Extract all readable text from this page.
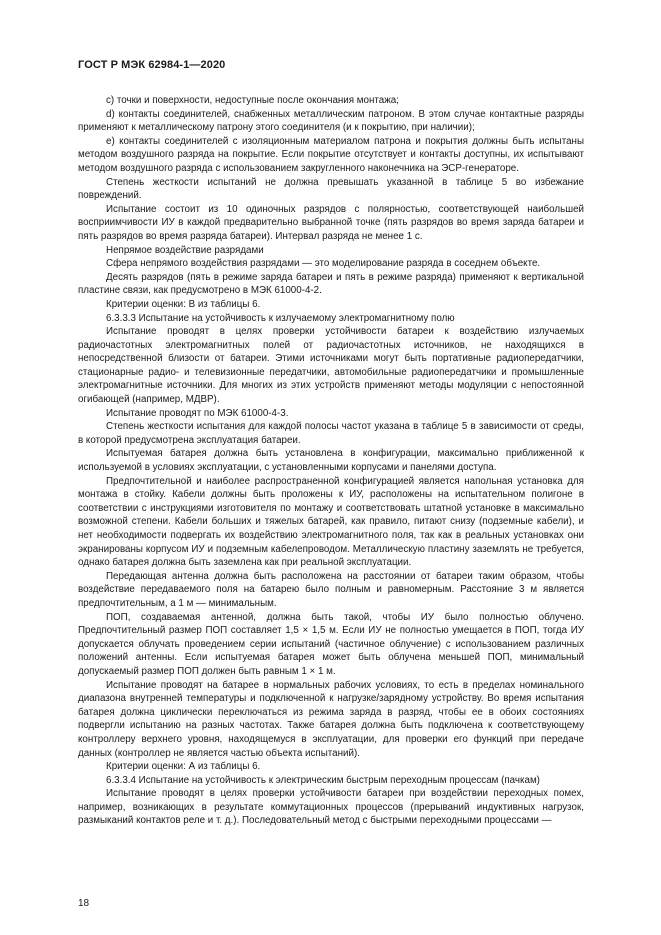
ГОСТ Р МЭК 62984-1—2020

c) точки и поверхности, недоступные после окончания монтажа;

d) контакты соединителей, снабженных металлическим патроном. В этом случае контактные разряды применяют к металлическому патрону этого соединителя (и к покрытию, при наличии);

e) контакты соединителей с изоляционным материалом патрона и покрытия должны быть испытаны методом воздушного разряда на покрытие. Если покрытие отсутствует и контакты доступны, их испытывают методом воздушного разряда с использованием закругленного наконечника на ЭСР-генераторе.

Степень жесткости испытаний не должна превышать указанной в таблице 5 во избежание повреждений.

Испытание состоит из 10 одиночных разрядов с полярностью, соответствующей наибольшей восприимчивости ИУ в каждой предварительно выбранной точке (пять разрядов во время заряда батареи и пять разрядов во время разряда батареи). Интервал разряда не менее 1 с.

Непрямое воздействие разрядами

Сфера непрямого воздействия разрядами — это моделирование разряда в соседнем объекте.

Десять разрядов (пять в режиме заряда батареи и пять в режиме разряда) применяют к вертикальной пластине связи, как предусмотрено в МЭК 61000-4-2.

Критерии оценки: В из таблицы 6.

6.3.3.3 Испытание на устойчивость к излучаемому электромагнитному полю

Испытание проводят в целях проверки устойчивости батареи к воздействию излучаемых радиочастотных электромагнитных полей от радиочастотных источников, не находящихся в непосредственной близости от батареи. Этими источниками могут быть портативные радиопередатчики, стационарные радио- и телевизионные передатчики, автомобильные радиопередатчики и промышленные электромагнитные источники. Для многих из этих устройств применяют методы модуляции с непостоянной огибающей (например, МДВР).

Испытание проводят по МЭК 61000-4-3.

Степень жесткости испытания для каждой полосы частот указана в таблице 5 в зависимости от среды, в которой предусмотрена эксплуатация батареи.

Испытуемая батарея должна быть установлена в конфигурации, максимально приближенной к используемой в условиях эксплуатации, с установленными корпусами и панелями доступа.

Предпочтительной и наиболее распространенной конфигурацией является напольная установка для монтажа в стойку. Кабели должны быть проложены к ИУ, расположены на испытательном полигоне в соответствии с инструкциями изготовителя по монтажу и соответствовать штатной установке в максимально возможной степени. Кабели больших и тяжелых батарей, как правило, питают снизу (подземные кабели), и нет необходимости подвергать их воздействию электромагнитного поля, так как в реальных установках они экранированы корпусом ИУ и подземным кабелепроводом. Металлическую пластину заземлять не требуется, однако батарея должна быть заземлена как при реальной эксплуатации.

Передающая антенна должна быть расположена на расстоянии от батареи таким образом, чтобы воздействие передаваемого поля на батарею было полным и равномерным. Расстояние 3 м является предпочтительным, а 1 м — минимальным.

ПОП, создаваемая антенной, должна быть такой, чтобы ИУ было полностью облучено. Предпочтительный размер ПОП составляет 1,5 × 1,5 м. Если ИУ не полностью умещается в ПОП, тогда ИУ допускается облучать проведением серии испытаний (частичное облучение) с использованием различных положений антенны. Если испытуемая батарея может быть облучена меньшей ПОП, минимальный допускаемый размер ПОП должен быть равным 1 × 1 м.

Испытание проводят на батарее в нормальных рабочих условиях, то есть в пределах номинального диапазона внутренней температуры и подключенной к нагрузке/зарядному устройству. Во время испытания батарея должна циклически переключаться из режима заряда в разряд, чтобы ее в обоих состояниях подвергли испытанию на разных частотах. Также батарея должна быть подключена к соответствующему контроллеру верхнего уровня, находящемуся в эксплуатации, для проверки его функций при передаче данных (контроллер не является частью объекта испытаний).

Критерии оценки: А из таблицы 6.

6.3.3.4 Испытание на устойчивость к электрическим быстрым переходным процессам (пачкам)

Испытание проводят в целях проверки устойчивости батареи при воздействии переходных помех, например, возникающих в результате коммутационных процессов (прерываний индуктивных нагрузок, размыканий контактов реле и т. д.). Последовательный метод с быстрыми переходными процессами —

18
